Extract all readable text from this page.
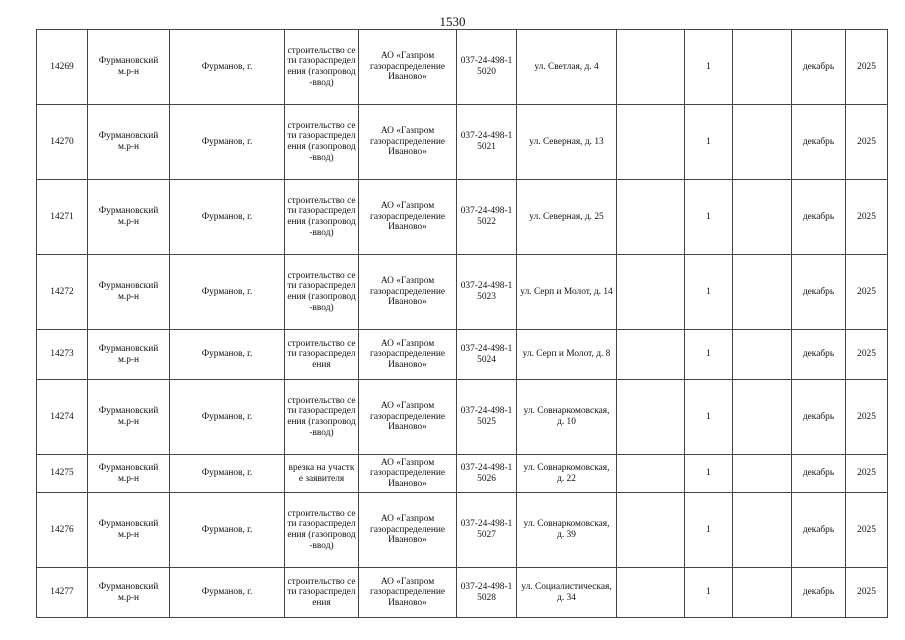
1530
14269	Фурмановский м.р-н	Фурманов, г.	строительство сети газораспределения (газопровод-ввод)	АО «Газпром газораспределение Иваново»	037-24-498-15020	ул. Светлая, д. 4		1		декабрь	2025
14270	Фурмановский м.р-н	Фурманов, г.	строительство сети газораспределения (газопровод-ввод)	АО «Газпром газораспределение Иваново»	037-24-498-15021	ул. Северная, д. 13		1		декабрь	2025
14271	Фурмановский м.р-н	Фурманов, г.	строительство сети газораспределения (газопровод-ввод)	АО «Газпром газораспределение Иваново»	037-24-498-15022	ул. Северная, д. 25		1		декабрь	2025
14272	Фурмановский м.р-н	Фурманов, г.	строительство сети газораспределения (газопровод-ввод)	АО «Газпром газораспределение Иваново»	037-24-498-15023	ул. Серп и Молот, д. 14		1		декабрь	2025
14273	Фурмановский м.р-н	Фурманов, г.	строительство сети газораспределения	АО «Газпром газораспределение Иваново»	037-24-498-15024	ул. Серп и Молот, д. 8		1		декабрь	2025
14274	Фурмановский м.р-н	Фурманов, г.	строительство сети газораспределения (газопровод-ввод)	АО «Газпром газораспределение Иваново»	037-24-498-15025	ул. Совнаркомовская, д. 10		1		декабрь	2025
14275	Фурмановский м.р-н	Фурманов, г.	врезка на участке заявителя	АО «Газпром газораспределение Иваново»	037-24-498-15026	ул. Совнаркомовская, д. 22		1		декабрь	2025
14276	Фурмановский м.р-н	Фурманов, г.	строительство сети газораспределения (газопровод-ввод)	АО «Газпром газораспределение Иваново»	037-24-498-15027	ул. Совнаркомовская, д. 39		1		декабрь	2025
14277	Фурмановский м.р-н	Фурманов, г.	строительство сети газораспределения	АО «Газпром газораспределение Иваново»	037-24-498-15028	ул. Социалистическая, д. 34		1		декабрь	2025
